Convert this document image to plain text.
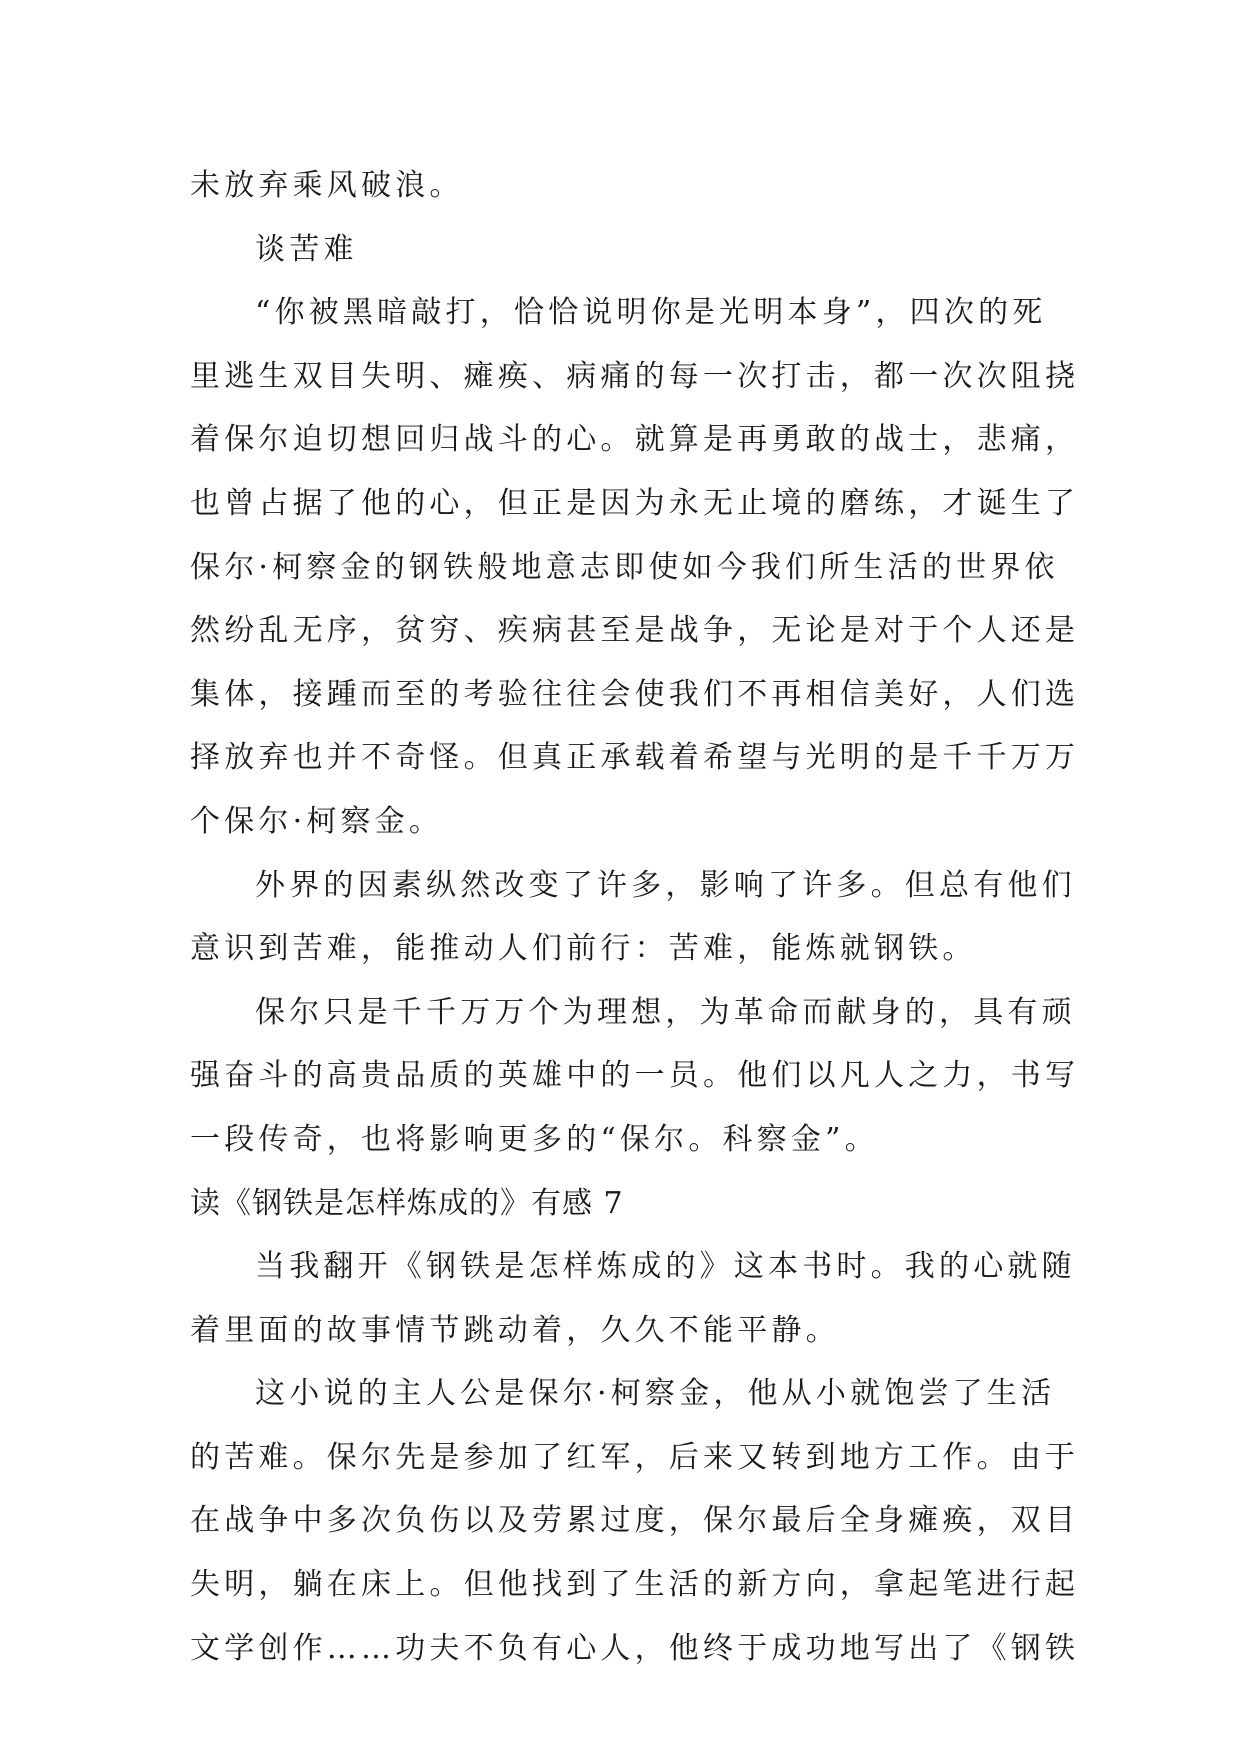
未放弃乘风破浪。
谈苦难
“你被黑暗敲打，恰恰说明你是光明本身”，四次的死
里逃生双目失明、瘫痪、病痛的每一次打击，都一次次阻挠
着保尔迫切想回归战斗的心。就算是再勇敢的战士，悲痛，
也曾占据了他的心，但正是因为永无止境的磨练，才诞生了
保尔·柯察金的钢铁般地意志即使如今我们所生活的世界依
然纷乱无序，贫穷、疾病甚至是战争，无论是对于个人还是
集体，接踵而至的考验往往会使我们不再相信美好，人们选
择放弃也并不奇怪。但真正承载着希望与光明的是千千万万
个保尔·柯察金。
外界的因素纵然改变了许多，影响了许多。但总有他们
意识到苦难，能推动人们前行：苦难，能炼就钢铁。
保尔只是千千万万个为理想，为革命而献身的，具有顽
强奋斗的高贵品质的英雄中的一员。他们以凡人之力，书写
一段传奇，也将影响更多的“保尔。科察金”。
读《钢铁是怎样炼成的》有感 7
当我翻开《钢铁是怎样炼成的》这本书时。我的心就随
着里面的故事情节跳动着，久久不能平静。
这小说的主人公是保尔·柯察金，他从小就饱尝了生活
的苦难。保尔先是参加了红军，后来又转到地方工作。由于
在战争中多次负伤以及劳累过度，保尔最后全身瘫痪，双目
失明，躺在床上。但他找到了生活的新方向，拿起笔进行起
文学创作……功夫不负有心人，他终于成功地写出了《钢铁
